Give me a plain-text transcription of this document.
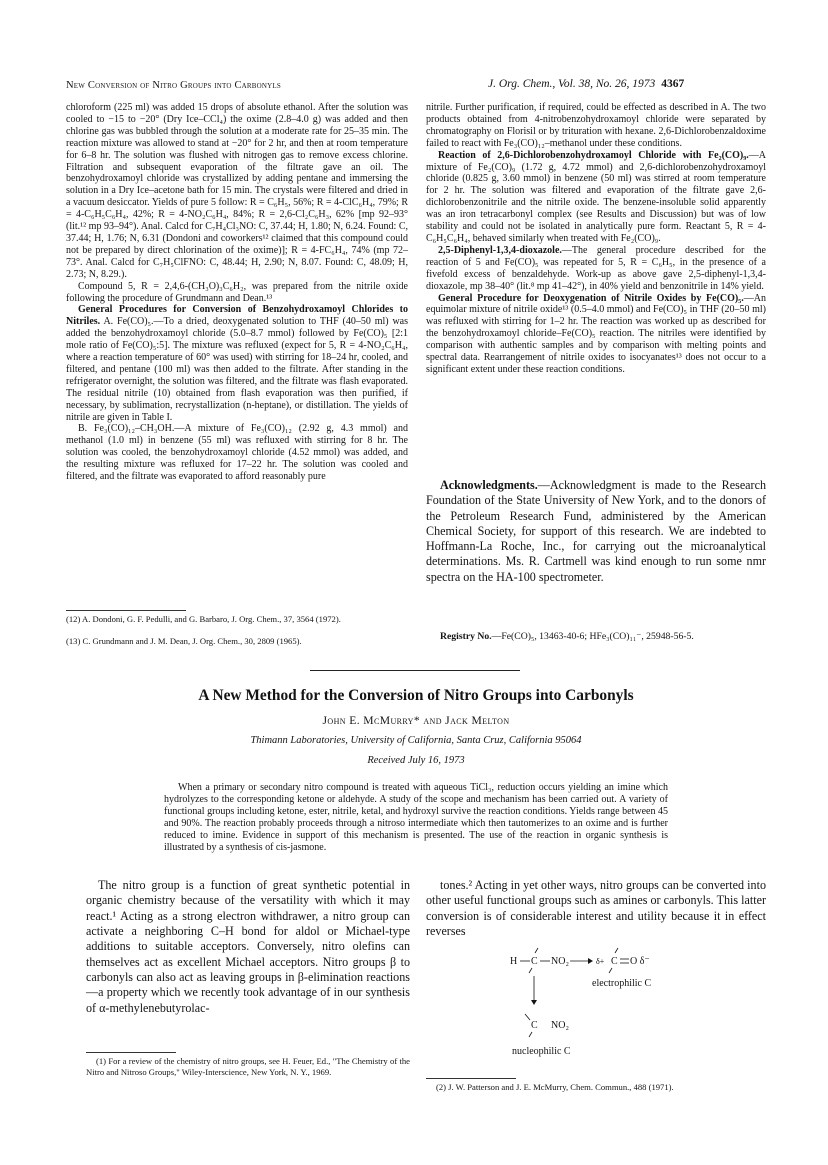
New Conversion of Nitro Groups into Carbonyls	J. Org. Chem., Vol. 38, No. 26, 1973 4367

chloroform (225 ml) was added 15 drops of absolute ethanol. After the solution was cooled to −15 to −20° (Dry Ice–CCl₄) the oxime (2.8–4.0 g) was added and then chlorine gas was bubbled through the solution at a moderate rate for 25–35 min. The reaction mixture was allowed to stand at −20° for 2 hr, and then at room temperature for 6–8 hr. The solution was flushed with nitrogen gas to remove excess chlorine. Filtration and subsequent evaporation of the filtrate gave an oil. The benzohydroxamoyl chloride was crystallized by adding pentane and immersing the solution in a Dry Ice–acetone bath for 15 min. The crystals were filtered and dried in a vacuum desiccator. Yields of pure 5 follow: R = C₆H₅, 56%; R = 4-ClC₆H₄, 79%; R = 4-C₆H₅C₆H₄, 42%; R = 4-NO₂C₆H₄, 84%; R = 2,6-Cl₂C₆H₃, 62% [mp 92–93° (lit.¹² mp 93–94°). Anal. Calcd for C₇H₄Cl₃NO: C, 37.44; H, 1.80; N, 6.24. Found: C, 37.44; H, 1.76; N, 6.31 (Dondoni and coworkers¹² claimed that this compound could not be prepared by direct chlorination of the oxime)]; R = 4-FC₆H₄, 74% (mp 72–73°. Anal. Calcd for C₇H₅ClFNO: C, 48.44; H, 2.90; N, 8.07. Found: C, 48.09; H, 2.73; N, 8.29.).

Compound 5, R = 2,4,6-(CH₃O)₃C₆H₂, was prepared from the nitrile oxide following the procedure of Grundmann and Dean.¹³

General Procedures for Conversion of Benzohydroxamoyl Chlorides to Nitriles. A. Fe(CO)₅.—To a dried, deoxygenated solution to THF (40–50 ml) was added the benzohydroxamoyl chloride (5.0–8.7 mmol) followed by Fe(CO)₅ [2:1 mole ratio of Fe(CO)₅:5]. The mixture was refluxed (expect for 5, R = 4-NO₂C₆H₄, where a reaction temperature of 60° was used) with stirring for 18–24 hr, cooled, and filtered, and pentane (100 ml) was then added to the filtrate. After standing in the refrigerator overnight, the solution was filtered, and the filtrate was flash evaporated. The residual nitrile (10) obtained from flash evaporation was then purified, if necessary, by sublimation, recrystallization (n-heptane), or distillation. The yields of nitrile are given in Table I.

B. Fe₃(CO)₁₂–CH₃OH.—A mixture of Fe₃(CO)₁₂ (2.92 g, 4.3 mmol) and methanol (1.0 ml) in benzene (55 ml) was refluxed with stirring for 8 hr. The solution was cooled, the benzohydroxamoyl chloride (4.52 mmol) was added, and the resulting mixture was refluxed for 17–22 hr. The solution was cooled and filtered, and the filtrate was evaporated to afford reasonably pure

(12) A. Dondoni, G. F. Pedulli, and G. Barbaro, J. Org. Chem., 37, 3564 (1972).
(13) C. Grundmann and J. M. Dean, J. Org. Chem., 30, 2809 (1965).

nitrile. Further purification, if required, could be effected as described in A. The two products obtained from 4-nitrobenzohydroxamoyl chloride were separated by chromatography on Florisil or by trituration with hexane. 2,6-Dichlorobenzaldoxime failed to react with Fe₃(CO)₁₂–methanol under these conditions.

Reaction of 2,6-Dichlorobenzohydroxamoyl Chloride with Fe₂(CO)₉.—A mixture of Fe₂(CO)₉ (1.72 g, 4.72 mmol) and 2,6-dichlorobenzohydroxamoyl chloride (0.825 g, 3.60 mmol) in benzene (50 ml) was stirred at room temperature for 2 hr. The solution was filtered and evaporation of the filtrate gave 2,6-dichlorobenzonitrile and the nitrile oxide. The benzene-insoluble solid apparently was an iron tetracarbonyl complex (see Results and Discussion) but was of low stability and could not be isolated in analytically pure form. Reactant 5, R = 4-C₆H₅C₆H₄, behaved similarly when treated with Fe₂(CO)₉.

2,5-Diphenyl-1,3,4-dioxazole.—The general procedure described for the reaction of 5 and Fe(CO)₅ was repeated for 5, R = C₆H₅, in the presence of a fivefold excess of benzaldehyde. Work-up as above gave 2,5-diphenyl-1,3,4-dioxazole, mp 38–40° (lit.⁸ mp 41–42°), in 40% yield and benzonitrile in 14% yield.

General Procedure for Deoxygenation of Nitrile Oxides by Fe(CO)₅.—An equimolar mixture of nitrile oxide¹³ (0.5–4.0 mmol) and Fe(CO)₅ in THF (20–50 ml) was refluxed with stirring for 1–2 hr. The reaction was worked up as described for the benzohydroxamoyl chloride–Fe(CO)₅ reaction. The nitriles were identified by comparison with authentic samples and by comparison with melting points and spectral data. Rearrangement of nitrile oxides to isocyanates¹³ does not occur to a significant extent under these reaction conditions.

Acknowledgments.—Acknowledgment is made to the Research Foundation of the State University of New York, and to the donors of the Petroleum Research Fund, administered by the American Chemical Society, for support of this research. We are indebted to Hoffmann-La Roche, Inc., for carrying out the microanalytical determinations. Ms. R. Cartmell was kind enough to run some nmr spectra on the HA-100 spectrometer.
Registry No.—Fe(CO)₅, 13463-40-6; HFe₃(CO)₁₁⁻, 25948-56-5.
A New Method for the Conversion of Nitro Groups into Carbonyls
John E. McMurry* and Jack Melton
Thimann Laboratories, University of California, Santa Cruz, California 95064
Received July 16, 1973
When a primary or secondary nitro compound is treated with aqueous TiCl₃, reduction occurs yielding an imine which hydrolyzes to the corresponding ketone or aldehyde. A study of the scope and mechanism has been carried out. A variety of functional groups including ketone, ester, nitrile, ketal, and hydroxyl survive the reaction conditions. Yields range between 45 and 90%. The reaction probably proceeds through a nitroso intermediate which then tautomerizes to an oxime and is further reduced to imine. Evidence in support of this mechanism is presented. The use of the reaction in organic synthesis is illustrated by a synthesis of cis-jasmone.
The nitro group is a function of great synthetic potential in organic chemistry because of the versatility with which it may react.¹ Acting as a strong electron withdrawer, a nitro group can activate a neighboring C–H bond for aldol or Michael-type additions to suitable acceptors. Conversely, nitro olefins can themselves act as excellent Michael acceptors. Nitro groups β to carbonyls can also act as leaving groups in β-elimination reactions—a property which we recently took advantage of in our synthesis of α-methylenebutyrolac-
tones.² Acting in yet other ways, nitro groups can be converted into other useful functional groups such as amines or carbonyls. This latter conversion is of considerable interest and utility because it in effect reverses
H C NO₂	δ+ C O δ⁻
electrophilic C
C NO₂
nucleophilic C
(1) For a review of the chemistry of nitro groups, see H. Feuer, Ed., "The Chemistry of the Nitro and Nitroso Groups," Wiley-Interscience, New York, N. Y., 1969.
(2) J. W. Patterson and J. E. McMurry, Chem. Commun., 488 (1971).
